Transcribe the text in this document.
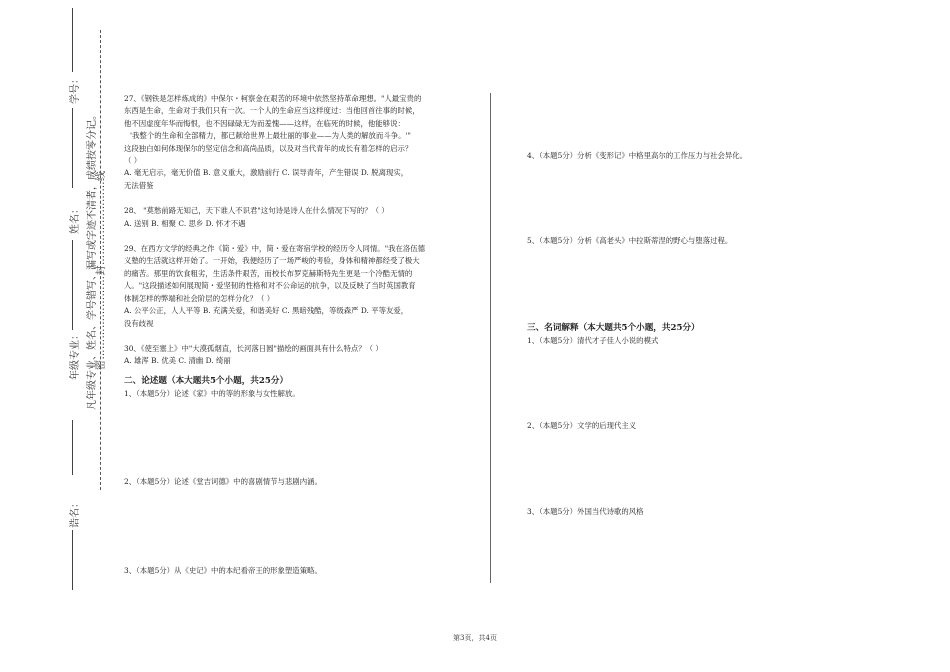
学号：
姓名：
年级专业： 凡年级专业、姓名、学号错写、漏写或字迹不清者，成绩按零分记。
密……………………封……………………线
诰名：

27、《钢铁是怎样炼成的》中保尔・柯察金在艰苦的环境中依然坚持革命理想。"人最宝贵的

东西是生命，生命对于我们只有一次。一个人的生命应当这样度过：当他回首往事的时候，

他不因虚度年华而悔恨，也不因碌碌无为而羞愧——这样，在临死的时候，他能够说：

'我整个的生命和全部精力，都已献给世界上最壮丽的事业——为人类的解放而斗争。'"

这段独白如何体现保尔的坚定信念和高尚品质，以及对当代青年的成长有着怎样的启示？

（ ）

A. 毫无启示，毫无价值 B. 意义重大，激励前行 C. 误导青年，产生错误 D. 脱离现实，

无法借鉴

28、 "莫愁前路无知己，天下谁人不识君"这句诗是诗人在什么情况下写的？（ ）

A. 送别 B. 相聚 C. 思乡 D. 怀才不遇

29、在西方文学的经典之作《简・爱》中，简・爱在寄宿学校的经历令人同情。"我在洛伍德

义塾的生活就这样开始了。一开始，我便经历了一场严峻的考验，身体和精神都经受了极大

的痛苦。那里的饮食粗劣，生活条件艰苦，而校长布罗克赫斯特先生更是一个冷酷无情的

人。"这段描述如何展现简・爱坚韧的性格和对不公命运的抗争，以及反映了当时英国教育

体制怎样的弊端和社会阶层的怎样分化？（ ）

A. 公平公正，人人平等 B. 充满关爱，和谐美好 C. 黑暗残酷，等级森严 D. 平等友爱，

没有歧视

30、《使至塞上》中"大漠孤烟直，长河落日圆"描绘的画面具有什么特点？（ ）

A. 雄浑 B. 优美 C. 清幽 D. 绮丽

二、论述题（本大题共5个小题，共25分）

1、（本题5分）论述《家》中的等的形象与女性解放。

2、（本题5分）论述《堂吉诃德》中的喜剧情节与悲剧内涵。

3、（本题5分）从《史记》中的本纪看帝王的形象塑造策略。

4、（本题5分）分析《变形记》中格里高尔的工作压力与社会异化。

5、（本题5分）分析《高老头》中拉斯蒂涅的野心与堕落过程。

三、名词解释（本大题共5个小题，共25分）

1、（本题5分）清代才子佳人小说的模式

2、（本题5分）文学的后现代主义

3、（本题5分）外国当代诗歌的风格

第3页，共4页
